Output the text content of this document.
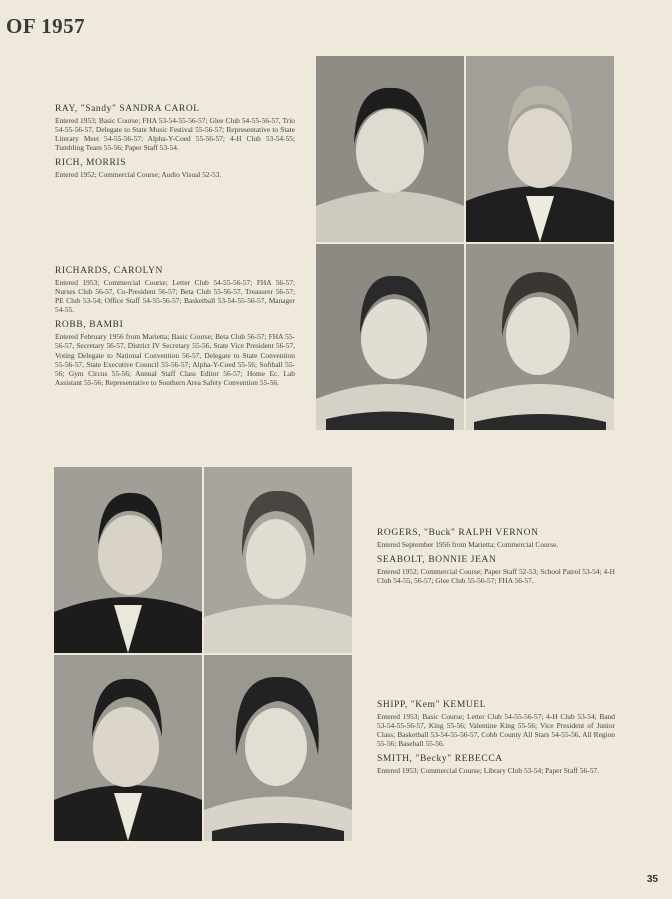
OF 1957
RAY, "Sandy" SANDRA CAROL

Entered 1953; Basic Course; FHA 53-54-55-56-57; Glee Club 54-55-56-57, Trio 54-55-56-57, Delegate to State Music Festival 55-56-57; Representative to State Literary Meet 54-55-56-57; Alpha-Y-Coed 55-56-57; 4-H Club 53-54-55; Tumbling Team 55-56; Paper Staff 53-54.

RICH, MORRIS

Entered 1952; Commercial Course; Audio Visual 52-53.

RICHARDS, CAROLYN

Entered 1953; Commercial Course; Letter Club 54-55-56-57; FHA 56-57; Nurses Club 56-57, Co-President 56-57; Beta Club 55-56-57, Treasurer 56-57; PE Club 53-54; Office Staff 54-55-56-57; Basketball 53-54-55-56-57, Manager 54-55.

ROBB, BAMBI

Entered February 1956 from Marietta; Basic Course; Beta Club 56-57; FHA 55-56-57, Secretary 56-57, District IV Secretary 55-56, State Vice President 56-57, Voting Delegate to National Convention 56-57, Delegate to State Convention 55-56-57, State Executive Council 55-56-57; Alpha-Y-Coed 55-56; Softball 55-56; Gym Circus 55-56; Annual Staff Class Editor 56-57; Home Ec. Lab Assistant 55-56; Representative to Southern Area Safety Convention 55-56.

ROGERS, "Buck" RALPH VERNON

Entered September 1956 from Marietta; Commercial Course.

SEABOLT, BONNIE JEAN

Entered 1952; Commercial Course; Paper Staff 52-53; School Patrol 53-54; 4-H Club 54-55, 56-57; Glee Club 55-56-57; FHA 56-57.

SHIPP, "Kem" KEMUEL

Entered 1953; Basic Course; Letter Club 54-55-56-57; 4-H Club 53-54; Band 53-54-55-56-57, King 55-56; Valentine King 55-56; Vice President of Junior Class; Basketball 53-54-55-56-57, Cobb County All Stars 54-55-56, All Region 55-56; Baseball 55-56.

SMITH, "Becky" REBECCA

Entered 1953; Commercial Course; Library Club 53-54; Paper Staff 56-57.

35
